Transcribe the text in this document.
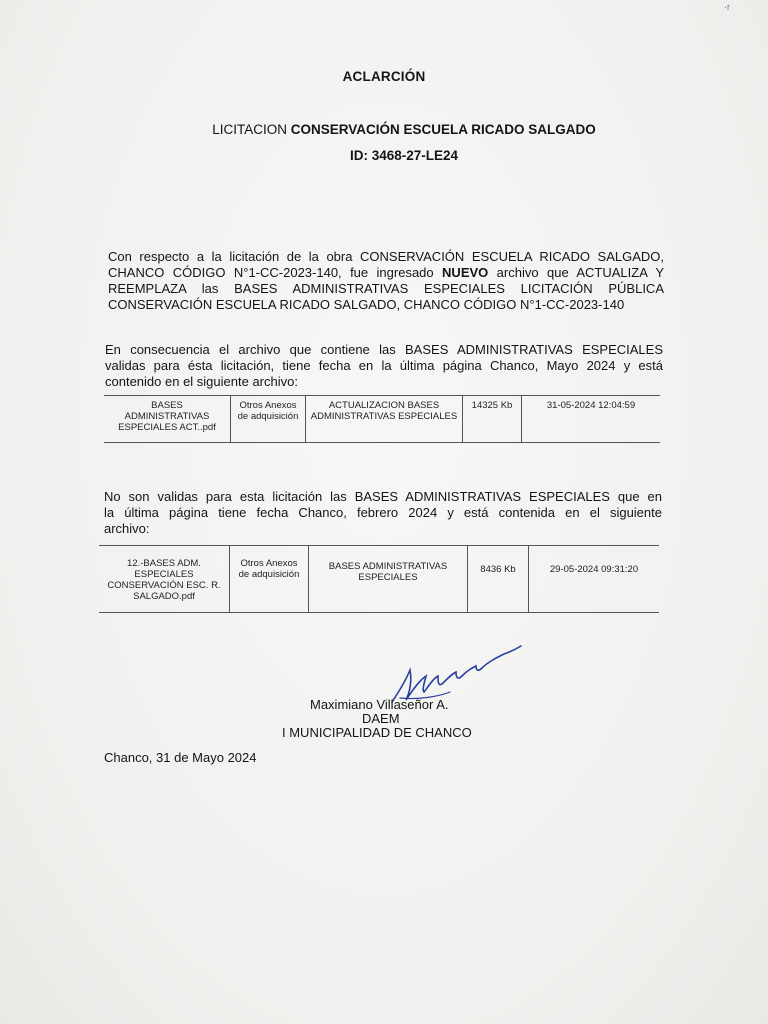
·r
ACLARCIÓN
LICITACION CONSERVACIÓN ESCUELA RICADO SALGADO
ID: 3468-27-LE24
Con respecto a la licitación de la obra CONSERVACIÓN ESCUELA RICADO SALGADO,
CHANCO CÓDIGO N°1-CC-2023-140, fue ingresado NUEVO archivo que ACTUALIZA Y
REEMPLAZA las BASES ADMINISTRATIVAS ESPECIALES LICITACIÓN PÚBLICA
CONSERVACIÓN ESCUELA RICADO SALGADO, CHANCO CÓDIGO N°1-CC-2023-140
En consecuencia el archivo que contiene las BASES ADMINISTRATIVAS ESPECIALES
validas para ésta licitación, tiene fecha en la última página Chanco, Mayo 2024 y está
contenido en el siguiente archivo:
BASES ADMINISTRATIVAS ESPECIALES ACT..pdf	Otros Anexos de adquisición	ACTUALIZACION BASES ADMINISTRATIVAS ESPECIALES	14325 Kb	31-05-2024 12:04:59
No son validas para esta licitación las BASES ADMINISTRATIVAS ESPECIALES que en
la última página tiene fecha Chanco, febrero 2024 y está contenida en el siguiente
archivo:
12.-BASES ADM. ESPECIALES CONSERVACIÓN ESC. R. SALGADO.pdf	Otros Anexos de adquisición	BASES ADMINISTRATIVAS ESPECIALES	8436 Kb	29-05-2024 09:31:20
Maximiano Villaseñor A.
DAEM
I MUNICIPALIDAD DE CHANCO
Chanco, 31 de Mayo 2024
